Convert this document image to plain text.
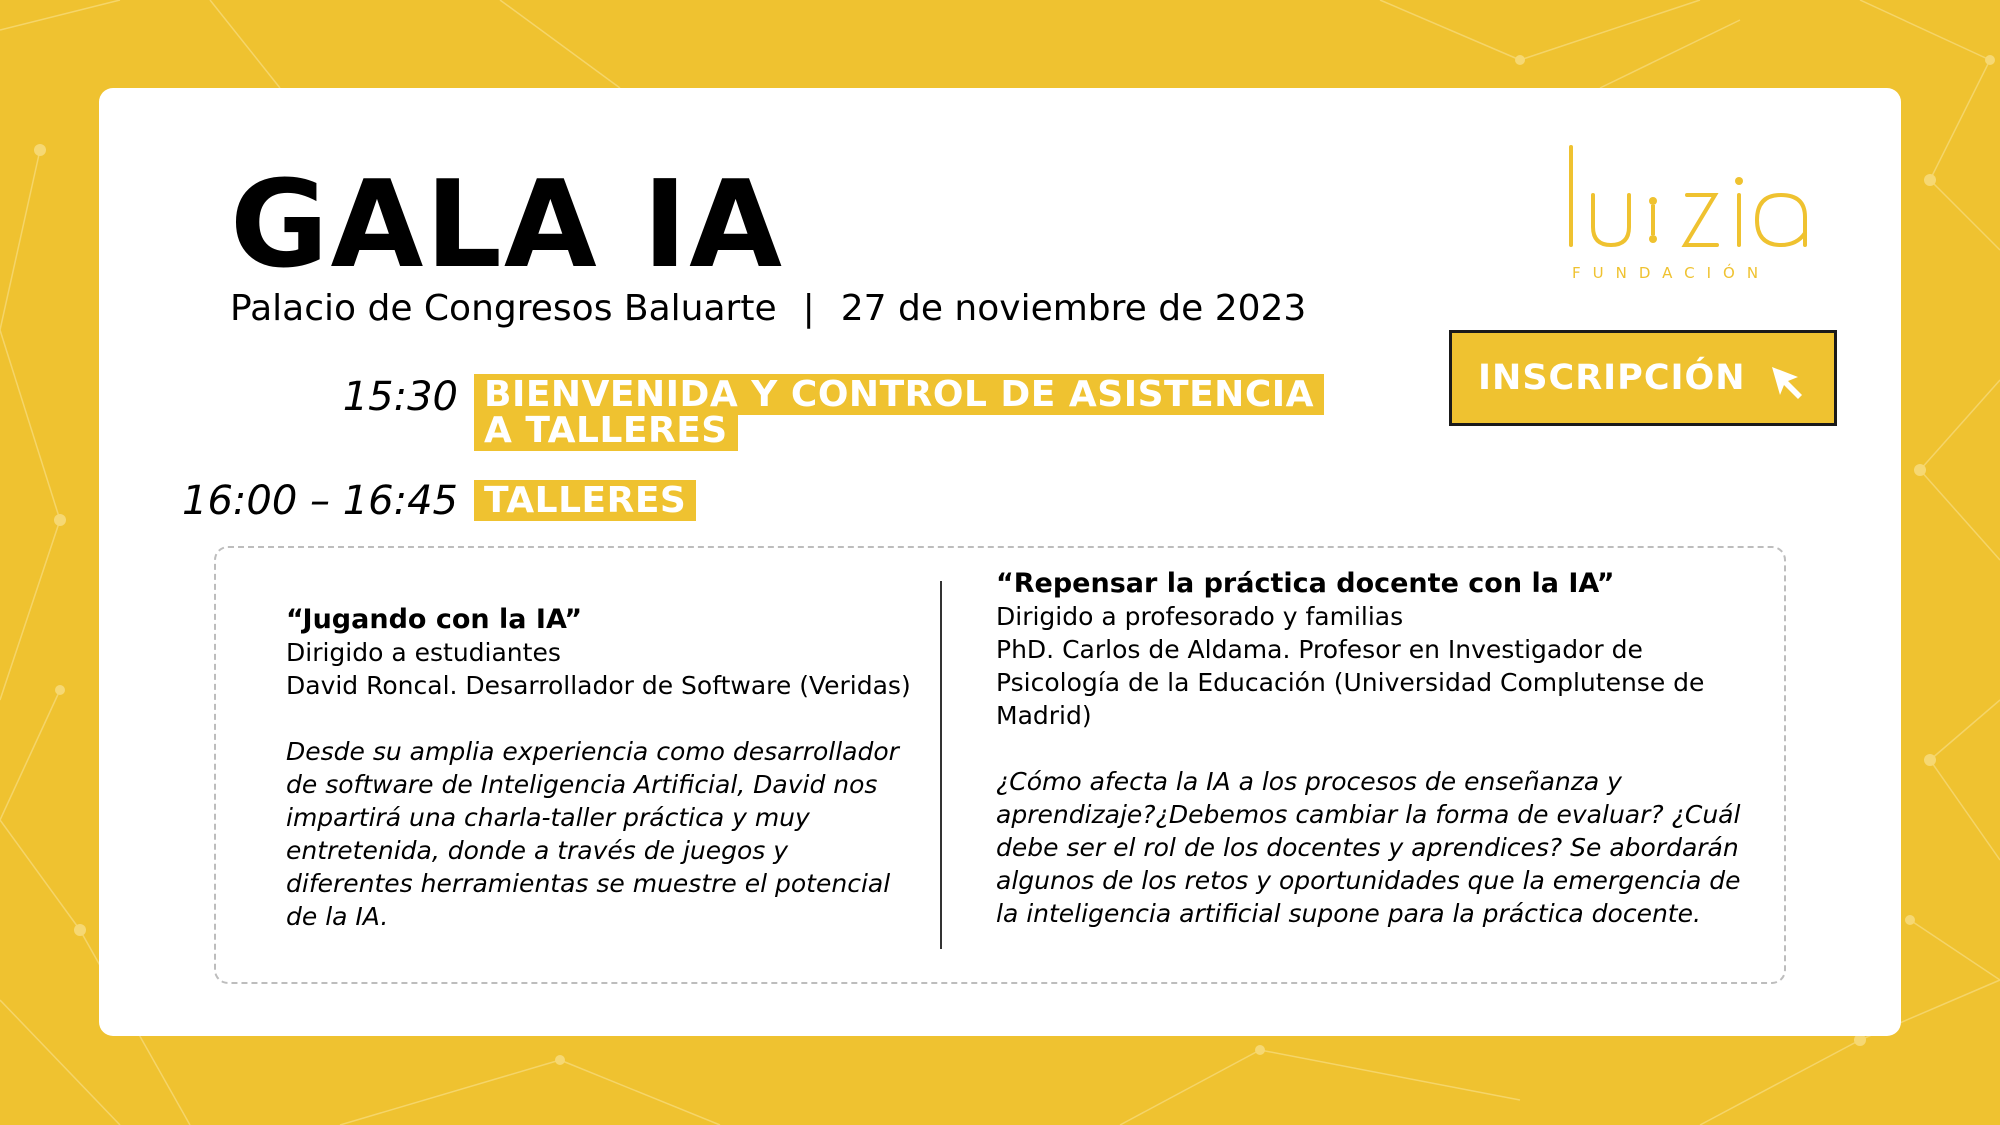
GALA IA
Palacio de Congresos Baluarte | 27 de noviembre de 2023
luzia
FUNDACIÓN
INSCRIPCIÓN
15:30 BIENVENIDA Y CONTROL DE ASISTENCIA A TALLERES
16:00 – 16:45 TALLERES

“Jugando con la IA”

Dirigido a estudiantes

David Roncal. Desarrollador de Software (Veridas)

Desde su amplia experiencia como desarrollador de software de Inteligencia Artificial, David nos impartirá una charla-taller práctica y muy entretenida, donde a través de juegos y diferentes herramientas se muestre el potencial de la IA.

“Repensar la práctica docente con la IA”

Dirigido a profesorado y familias

PhD. Carlos de Aldama. Profesor en Investigador de Psicología de la Educación (Universidad Complutense de Madrid)

¿Cómo afecta la IA a los procesos de enseñanza y aprendizaje?¿Debemos cambiar la forma de evaluar? ¿Cuál debe ser el rol de los docentes y aprendices? Se abordarán algunos de los retos y oportunidades que la emergencia de la inteligencia artificial supone para la práctica docente.
